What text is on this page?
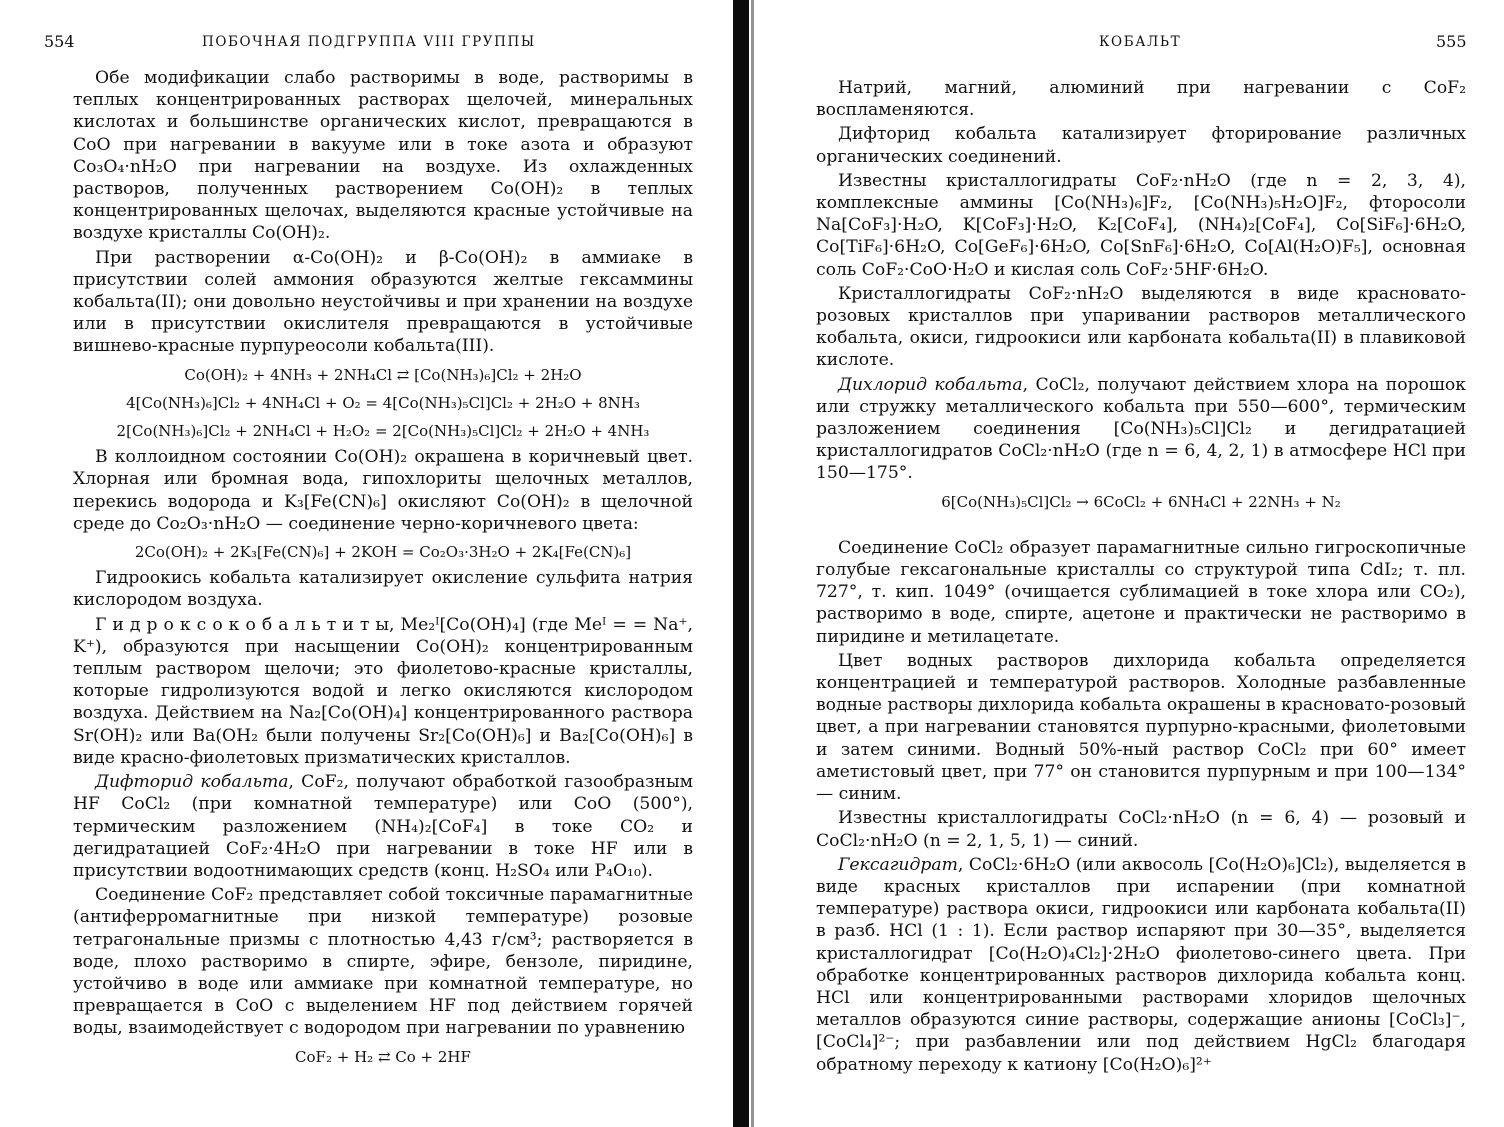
554	ПОБОЧНАЯ ПОДГРУППА VIII ГРУППЫ
Обе модификации слабо растворимы в воде, растворимы в теплых концентрированных растворах щелочей, минеральных кислотах и большинстве органических кислот, превращаются в CoO при нагревании в вакууме или в токе азота и образуют Co₃O₄·nH₂O при нагревании на воздухе. Из охлажденных растворов, полученных растворением Co(OH)₂ в теплых концентрированных щелочах, выделяются красные устойчивые на воздухе кристаллы Co(OH)₂.
При растворении α-Co(OH)₂ и β-Co(OH)₂ в аммиаке в присутствии солей аммония образуются желтые гексаммины кобальта(II); они довольно неустойчивы и при хранении на воздухе или в присутствии окислителя превращаются в устойчивые вишнево-красные пурпуреосоли кобальта(III).
Co(OH)₂ + 4NH₃ + 2NH₄Cl ⇄ [Co(NH₃)₆]Cl₂ + 2H₂O
4[Co(NH₃)₆]Cl₂ + 4NH₄Cl + O₂ = 4[Co(NH₃)₅Cl]Cl₂ + 2H₂O + 8NH₃
2[Co(NH₃)₆]Cl₂ + 2NH₄Cl + H₂O₂ = 2[Co(NH₃)₅Cl]Cl₂ + 2H₂O + 4NH₃
В коллоидном состоянии Co(OH)₂ окрашена в коричневый цвет. Хлорная или бромная вода, гипохлориты щелочных металлов, перекись водорода и K₃[Fe(CN)₆] окисляют Co(OH)₂ в щелочной среде до Co₂O₃·nH₂O — соединение черно-коричневого цвета:
2Co(OH)₂ + 2K₃[Fe(CN)₆] + 2KOH = Co₂O₃·3H₂O + 2K₄[Fe(CN)₆]
Гидроокись кобальта катализирует окисление сульфита натрия кислородом воздуха.
Г и д р о к с о к о б а л ь т и т ы, Me₂ᴵ[Co(OH)₄] (где Meᴵ = = Na⁺, K⁺), образуются при насыщении Co(OH)₂ концентрированным теплым раствором щелочи; это фиолетово-красные кристаллы, которые гидролизуются водой и легко окисляются кислородом воздуха. Действием на Na₂[Co(OH)₄] концентрированного раствора Sr(OH)₂ или Ba(OH₂ были получены Sr₂[Co(OH)₆] и Ba₂[Co(OH)₆] в виде красно-фиолетовых призматических кристаллов.
Дифторид кобальта, CoF₂, получают обработкой газообразным HF CoCl₂ (при комнатной температуре) или CoO (500°), термическим разложением (NH₄)₂[CoF₄] в токе CO₂ и дегидратацией CoF₂·4H₂O при нагревании в токе HF или в присутствии водоотнимающих средств (конц. H₂SO₄ или P₄O₁₀).
Соединение CoF₂ представляет собой токсичные парамагнитные (антиферромагнитные при низкой температуре) розовые тетрагональные призмы с плотностью 4,43 г/см³; растворяется в воде, плохо растворимо в спирте, эфире, бензоле, пиридине, устойчиво в воде или аммиаке при комнатной температуре, но превращается в CoO с выделением HF под действием горячей воды, взаимодействует с водородом при нагревании по уравнению
CoF₂ + H₂ ⇄ Co + 2HF
КОБАЛЬТ	555
Натрий, магний, алюминий при нагревании с CoF₂ воспламеняются.
Дифторид кобальта катализирует фторирование различных органических соединений.
Известны кристаллогидраты CoF₂·nH₂O (где n = 2, 3, 4), комплексные аммины [Co(NH₃)₆]F₂, [Co(NH₃)₅H₂O]F₂, фторосоли Na[CoF₃]·H₂O, K[CoF₃]·H₂O, K₂[CoF₄], (NH₄)₂[CoF₄], Co[SiF₆]·6H₂O, Co[TiF₆]·6H₂O, Co[GeF₆]·6H₂O, Co[SnF₆]·6H₂O, Co[Al(H₂O)F₅], основная соль CoF₂·CoO·H₂O и кислая соль CoF₂·5HF·6H₂O.
Кристаллогидраты CoF₂·nH₂O выделяются в виде красновато-розовых кристаллов при упаривании растворов металлического кобальта, окиси, гидроокиси или карбоната кобальта(II) в плавиковой кислоте.
Дихлорид кобальта, CoCl₂, получают действием хлора на порошок или стружку металлического кобальта при 550—600°, термическим разложением соединения [Co(NH₃)₅Cl]Cl₂ и дегидратацией кристаллогидратов CoCl₂·nH₂O (где n = 6, 4, 2, 1) в атмосфере HCl при 150—175°.
6[Co(NH₃)₅Cl]Cl₂ → 6CoCl₂ + 6NH₄Cl + 22NH₃ + N₂
Соединение CoCl₂ образует парамагнитные сильно гигроскопичные голубые гексагональные кристаллы со структурой типа CdI₂; т. пл. 727°, т. кип. 1049° (очищается сублимацией в токе хлора или CO₂), растворимо в воде, спирте, ацетоне и практически не растворимо в пиридине и метилацетате.
Цвет водных растворов дихлорида кобальта определяется концентрацией и температурой растворов. Холодные разбавленные водные растворы дихлорида кобальта окрашены в красновато-розовый цвет, а при нагревании становятся пурпурно-красными, фиолетовыми и затем синими. Водный 50%-ный раствор CoCl₂ при 60° имеет аметистовый цвет, при 77° он становится пурпурным и при 100—134° — синим.
Известны кристаллогидраты CoCl₂·nH₂O (n = 6, 4) — розовый и CoCl₂·nH₂O (n = 2, 1, 5, 1) — синий.
Гексагидрат, CoCl₂·6H₂O (или аквосоль [Co(H₂O)₆]Cl₂), выделяется в виде красных кристаллов при испарении (при комнатной температуре) раствора окиси, гидроокиси или карбоната кобальта(II) в разб. HCl (1 : 1). Если раствор испаряют при 30—35°, выделяется кристаллогидрат [Co(H₂O)₄Cl₂]·2H₂O фиолетово-синего цвета. При обработке концентрированных растворов дихлорида кобальта конц. HCl или концентрированными растворами хлоридов щелочных металлов образуются синие растворы, содержащие анионы [CoCl₃]⁻, [CoCl₄]²⁻; при разбавлении или под действием HgCl₂ благодаря обратному переходу к катиону [Co(H₂O)₆]²⁺
